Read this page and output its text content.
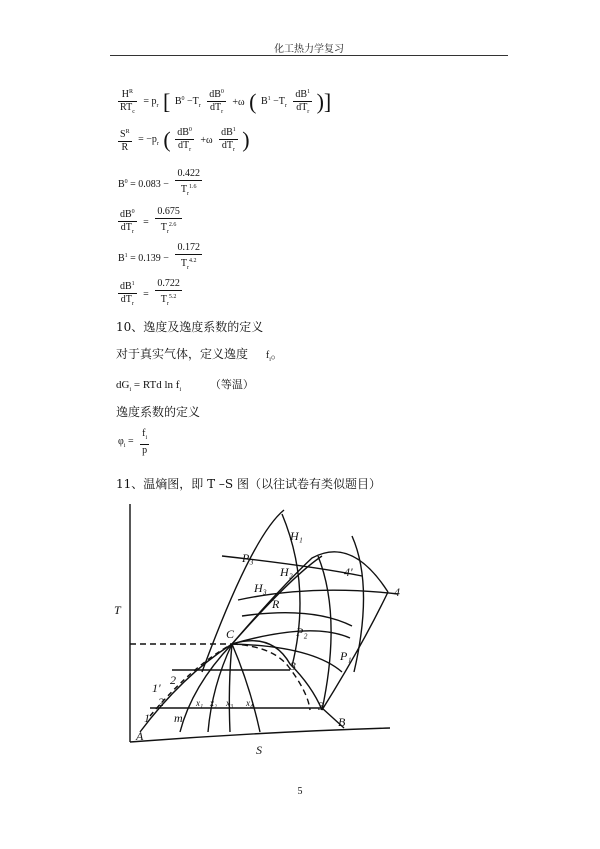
化工热力学复习
$\frac{H^R}{RT_c} = p_r$ [ $B^0 -T_r \frac{dB^0}{dT_r} +\omega$ ( $B^1 -T_r \frac{dB^1}{dT_r}$ )]
$\frac{S^R}{R} = -p_r$ ( $\frac{dB^0}{dT_r} +\omega \frac{dB^1}{dT_r}$ )
$B^0 = 0.083 - \frac{0.422}{T_r^{1.6}}$
$\frac{dB^0}{dT_r} = \frac{0.675}{T_r^{2.6}}$
$B^1 = 0.139 - \frac{0.172}{T_r^{4.2}}$
$\frac{dB^1}{dT_r} = \frac{0.722}{T_r^{5.2}}$
10、逸度及逸度系数的定义
对于真实气体，定义逸度 $f_i$。
$dG_i$ = RTd $\ln f_i$	（等温）
逸度系数的定义
$\varphi_i = \frac{f_i}{p}$
11、温熵图，即 T –S 图（以往试卷有类似题目）
T
S
H₁
H₂
H₃
P₃
P₂
P₁
R
4
4'
3
3
2
1'
1
A
B
m
x₁ x₂ x₃ x₄
C
2
5
